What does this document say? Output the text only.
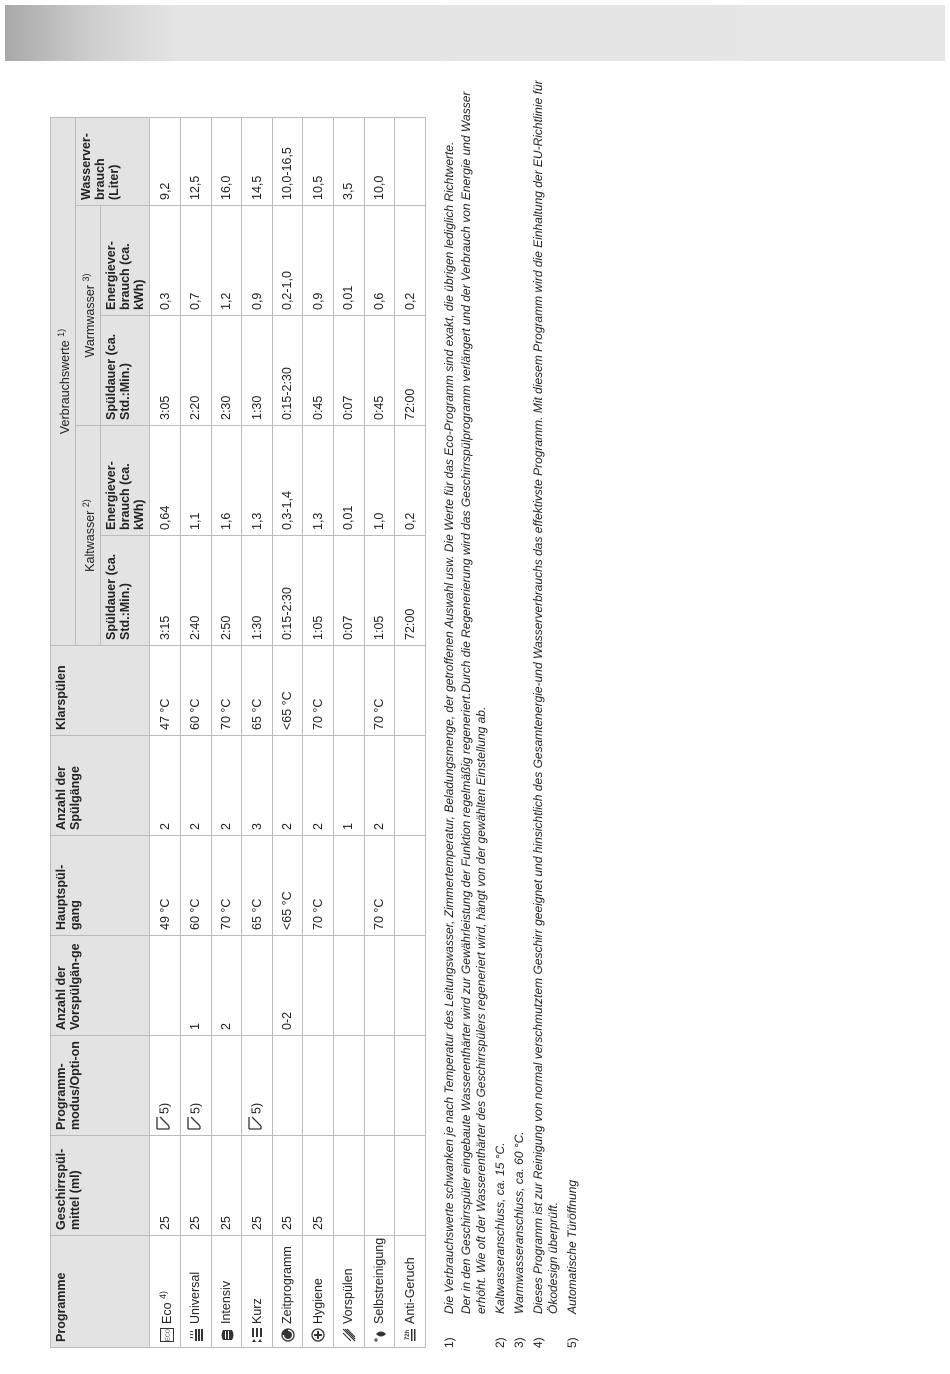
Programme	Geschirrspül-mittel (ml)	Programm-modus/Opti-on	Anzahl der Vorspülgän-ge	Hauptspül-gang	Anzahl der Spülgänge	Klarspülen	Verbrauchswerte $^{1)}$
							Kaltwasser $^{2)}$		Warmwasser $^{3)}$		Wasserver-brauch (Liter)
							Spüldauer (ca. Std.:Min.)	Energiever-brauch (ca. kWh)	Spüldauer (ca. Std.:Min.)	Energiever-brauch (ca. kWh)	

ECO
Eco $^{4)}$	25	5)		49 °C	2	47 °C	3:15	0,64	3:05	0,3	9,2

Universal	25	5)	1	60 °C	2	60 °C	2:40	1,1	2:20	0,7	12,5

Intensiv	25		2	70 °C	2	70 °C	2:50	1,6	2:30	1,2	16,0

Kurz	25	5)		65 °C	3	65 °C	1:30	1,3	1:30	0,9	14,5

Zeitprogramm	25		0-2	<65 °C	2	<65 °C	0:15-2:30	0,3-1,4	0:15-2:30	0,2-1,0	10,0-16,5

Hygiene	25			70 °C	2	70 °C	1:05	1,3	0:45	0,9	10,5

Vorspülen					1		0:07	0,01	0:07	0,01	3,5

Selbstreinigung				70 °C	2	70 °C	1:05	1,0	0:45	0,6	10,0

72h
Anti-Geruch							72:00	0,2	72:00	0,2	
1)

Die Verbrauchswerte schwanken je nach Temperatur des Leitungswasser, Zimmertemperatur, Beladungsmenge, der getroffenen Auswahl usw. Die Werte für das Eco-Programm sind exakt, die übrigen lediglich Richtwerte. Der in den Geschirrspüler eingebaute Wasserenthärter wird zur Gewährleistung der Funktion regelmäßig regeneriert.Durch die Regenerierung wird das Geschirrspülprogramm verlängert und der Verbrauch von Energie und Wasser erhöht. Wie oft der Wasserenthärter des Geschirrspülers regeneriert wird, hängt von der gewählten Einstellung ab.

2)

Kaltwasseranschluss, ca. 15 °C.

3)

Warmwasseranschluss, ca. 60 °C.

4)

Dieses Programm ist zur Reinigung von normal verschmutztem Geschirr geeignet und hinsichtlich des Gesamtenergie-und Wasserverbrauchs das effektivste Programm. Mit diesem Programm wird die Einhaltung der EU-Richtlinie für Ökodesign überprüft.

5)

Automatische Türöffnung
